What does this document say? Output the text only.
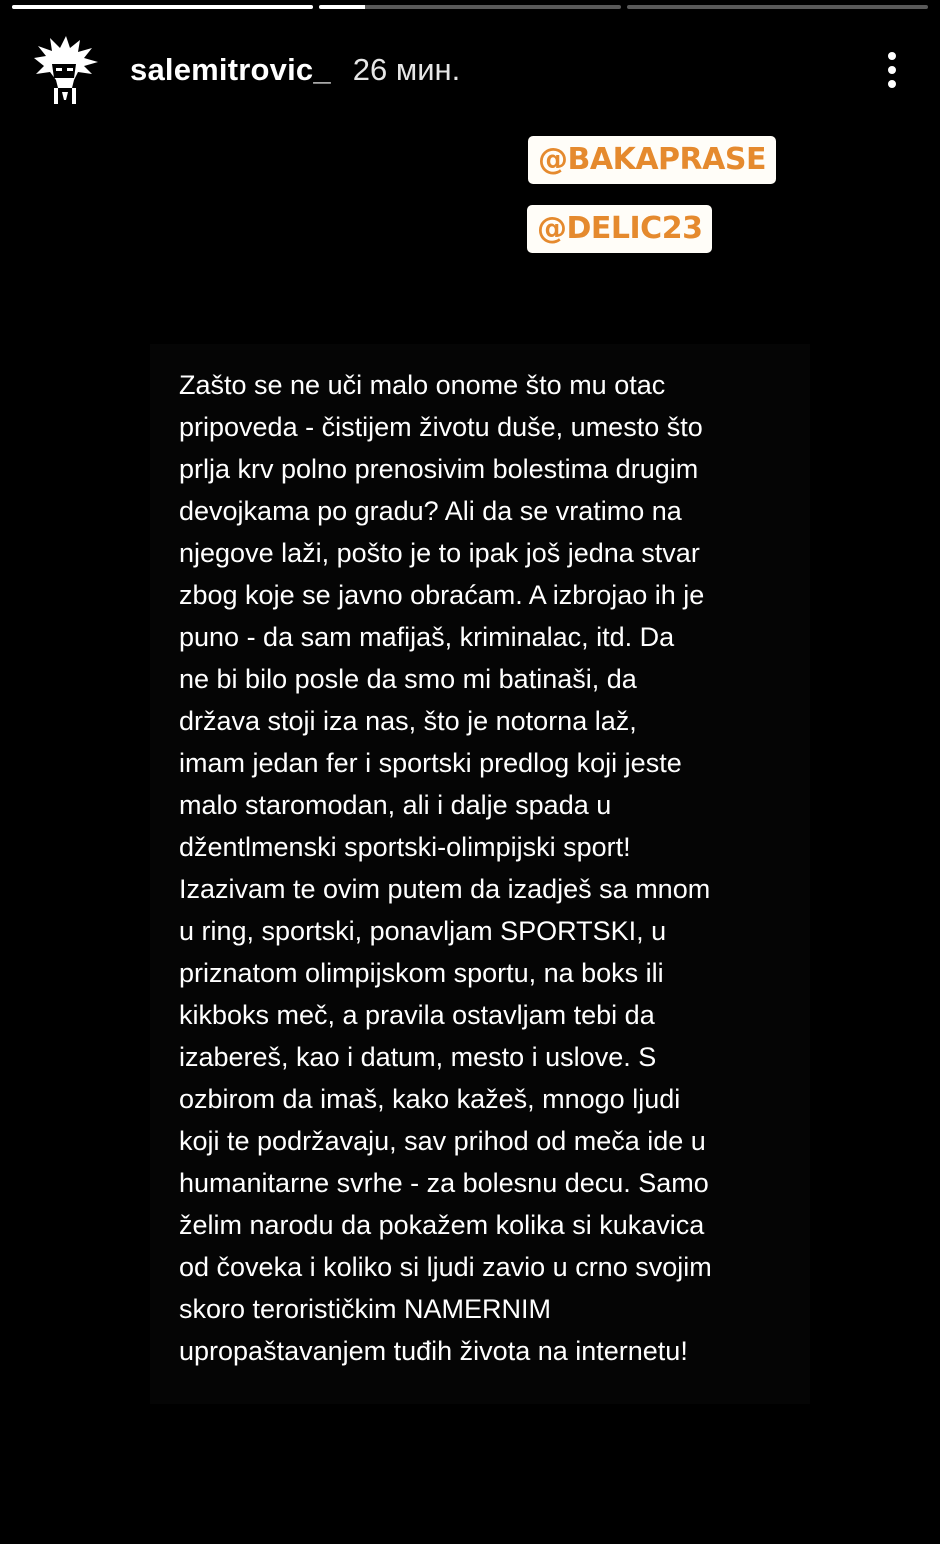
salemitrovic_ 26 мин.
@BAKAPRASE
@DELIC23

Zašto se ne uči malo onome što mu otac
pripoveda - čistijem životu duše, umesto što
prlja krv polno prenosivim bolestima drugim
devojkama po gradu? Ali da se vratimo na
njegove laži, pošto je to ipak još jedna stvar
zbog koje se javno obraćam. A izbrojao ih je
puno - da sam mafijaš, kriminalac, itd. Da
ne bi bilo posle da smo mi batinaši, da
država stoji iza nas, što je notorna laž,
imam jedan fer i sportski predlog koji jeste
malo staromodan, ali i dalje spada u
džentlmenski sportski-olimpijski sport!
Izazivam te ovim putem da izadješ sa mnom
u ring, sportski, ponavljam SPORTSKI, u
priznatom olimpijskom sportu, na boks ili
kikboks meč, a pravila ostavljam tebi da
izabereš, kao i datum, mesto i uslove. S
ozbirom da imaš, kako kažeš, mnogo ljudi
koji te podržavaju, sav prihod od meča ide u
humanitarne svrhe - za bolesnu decu. Samo
želim narodu da pokažem kolika si kukavica
od čoveka i koliko si ljudi zavio u crno svojim
skoro terorističkim NAMERNIM
upropaštavanjem tuđih života na internetu!
